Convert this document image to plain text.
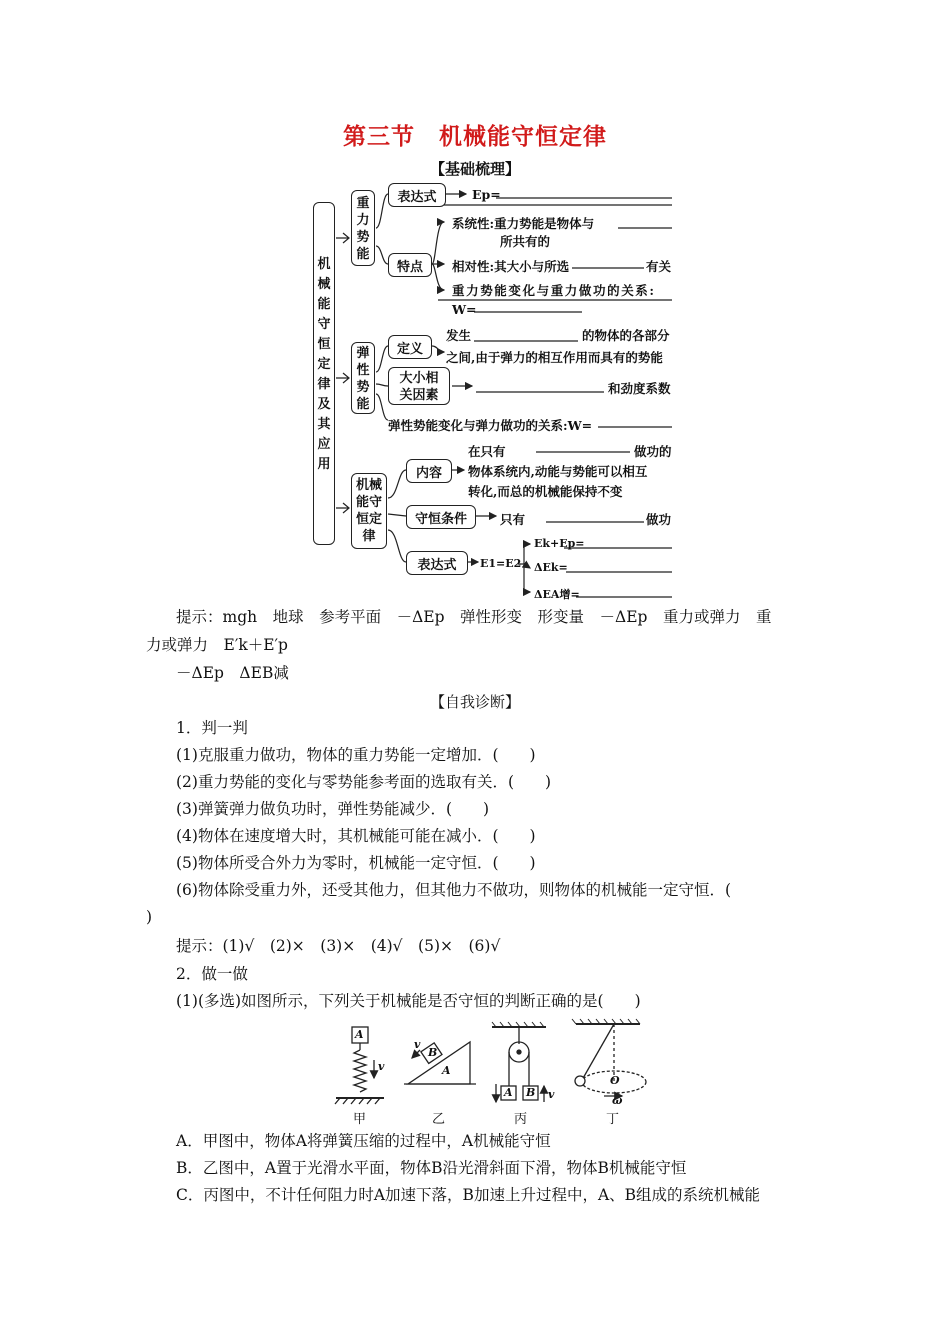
第三节　机械能守恒定律
【基础梳理】
机械能守恒定律及其应用
重力势能
表达式	Ep=
特点
系统性:重力势能是物体与
所共有的
相对性:其大小与所选	有关
重力势能变化与重力做功的关系:
W=
弹性势能
定义
发生	的物体的各部分
之间,由于弹力的相互作用而具有的势能
大小相关因素	和劲度系数
弹性势能变化与弹力做功的关系:W=
机械能守恒定律
内容
在只有	做功的
物体系统内,动能与势能可以相互
转化,而总的机械能保持不变
守恒条件	只有	做功
表达式	E1=E2
Ek+Ep=
ΔEk=
ΔEA增=
提示：mgh　地球　参考平面　－ΔEp　弹性形变　形变量　－ΔEp　重力或弹力　重
力或弹力　E′k＋E′p
－ΔEp　ΔEB减
【自我诊断】
1．判一判
(1)克服重力做功，物体的重力势能一定增加．(　　)
(2)重力势能的变化与零势能参考面的选取有关．(　　)
(3)弹簧弹力做负功时，弹性势能减少．(　　)
(4)物体在速度增大时，其机械能可能在减小．(　　)
(5)物体所受合外力为零时，机械能一定守恒．(　　)
(6)物体除受重力外，还受其他力，但其他力不做功，则物体的机械能一定守恒．(
)
提示：(1)√　(2)×　(3)×　(4)√　(5)×　(6)√
2．做一做
(1)(多选)如图所示，下列关于机械能是否守恒的判断正确的是(　　)
A
v
v
B
A
A B v
O
ω
甲	乙	丙	丁
A．甲图中，物体A将弹簧压缩的过程中，A机械能守恒
B．乙图中，A置于光滑水平面，物体B沿光滑斜面下滑，物体B机械能守恒
C．丙图中，不计任何阻力时A加速下落，B加速上升过程中，A、B组成的系统机械能
